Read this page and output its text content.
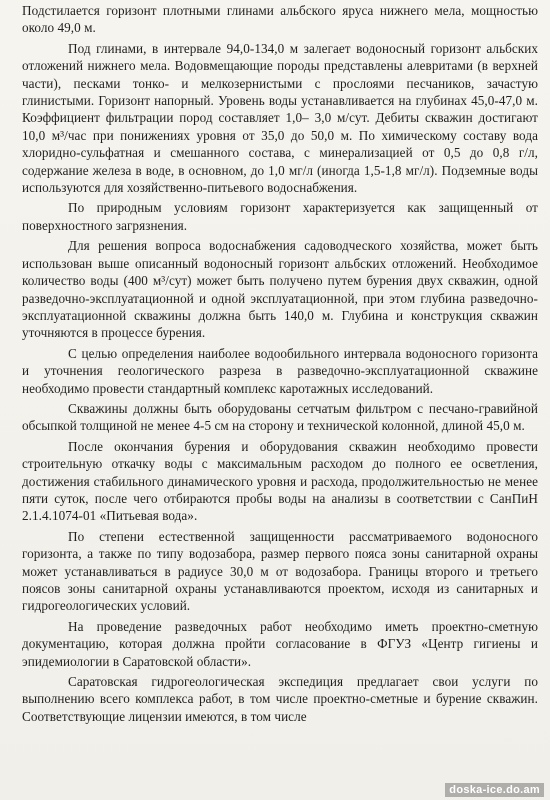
Подстилается горизонт плотными глинами альбского яруса нижнего мела, мощностью около 49,0 м.

Под глинами, в интервале 94,0-134,0 м залегает водоносный горизонт альбских отложений нижнего мела. Водовмещающие породы представлены алевритами (в верхней части), песками тонко- и мелкозернистыми с прослоями песчаников, зачастую глинистыми. Горизонт напорный. Уровень воды устанавливается на глубинах 45,0-47,0 м. Коэффициент фильтрации пород составляет 1,0– 3,0 м/сут. Дебиты скважин достигают 10,0 м³/час при понижениях уровня от 35,0 до 50,0 м. По химическому составу вода хлоридно-сульфатная и смешанного состава, с минерализацией от 0,5 до 0,8 г/л, содержание железа в воде, в основном, до 1,0 мг/л (иногда 1,5-1,8 мг/л). Подземные воды используются для хозяйственно-питьевого водоснабжения.

По природным условиям горизонт характеризуется как защищенный от поверхностного загрязнения.

Для решения вопроса водоснабжения садоводческого хозяйства, может быть использован выше описанный водоносный горизонт альбских отложений. Необходимое количество воды (400 м³/сут) может быть получено путем бурения двух скважин, одной разведочно-эксплуатационной и одной эксплуатационной, при этом глубина разведочно-эксплуатационной скважины должна быть 140,0 м. Глубина и конструкция скважин уточняются в процессе бурения.

С целью определения наиболее водообильного интервала водоносного горизонта и уточнения геологического разреза в разведочно-эксплуатационной скважине необходимо провести стандартный комплекс каротажных исследований.

Скважины должны быть оборудованы сетчатым фильтром с песчано-гравийной обсыпкой толщиной не менее 4-5 см на сторону и технической колонной, длиной 45,0 м.

После окончания бурения и оборудования скважин необходимо провести строительную откачку воды с максимальным расходом до полного ее осветления, достижения стабильного динамического уровня и расхода, продолжительностью не менее пяти суток, после чего отбираются пробы воды на анализы в соответствии с СанПиН 2.1.4.1074-01 «Питьевая вода».

По степени естественной защищенности рассматриваемого водоносного горизонта, а также по типу водозабора, размер первого пояса зоны санитарной охраны может устанавливаться в радиусе 30,0 м от водозабора. Границы второго и третьего поясов зоны санитарной охраны устанавливаются проектом, исходя из санитарных и гидрогеологических условий.

На проведение разведочных работ необходимо иметь проектно-сметную документацию, которая должна пройти согласование в ФГУЗ «Центр гигиены и эпидемиологии в Саратовской области».

Саратовская гидрогеологическая экспедиция предлагает свои услуги по выполнению всего комплекса работ, в том числе проектно-сметные и бурение скважин. Соответствующие лицензии имеются, в том числе

doska-ice.do.am
